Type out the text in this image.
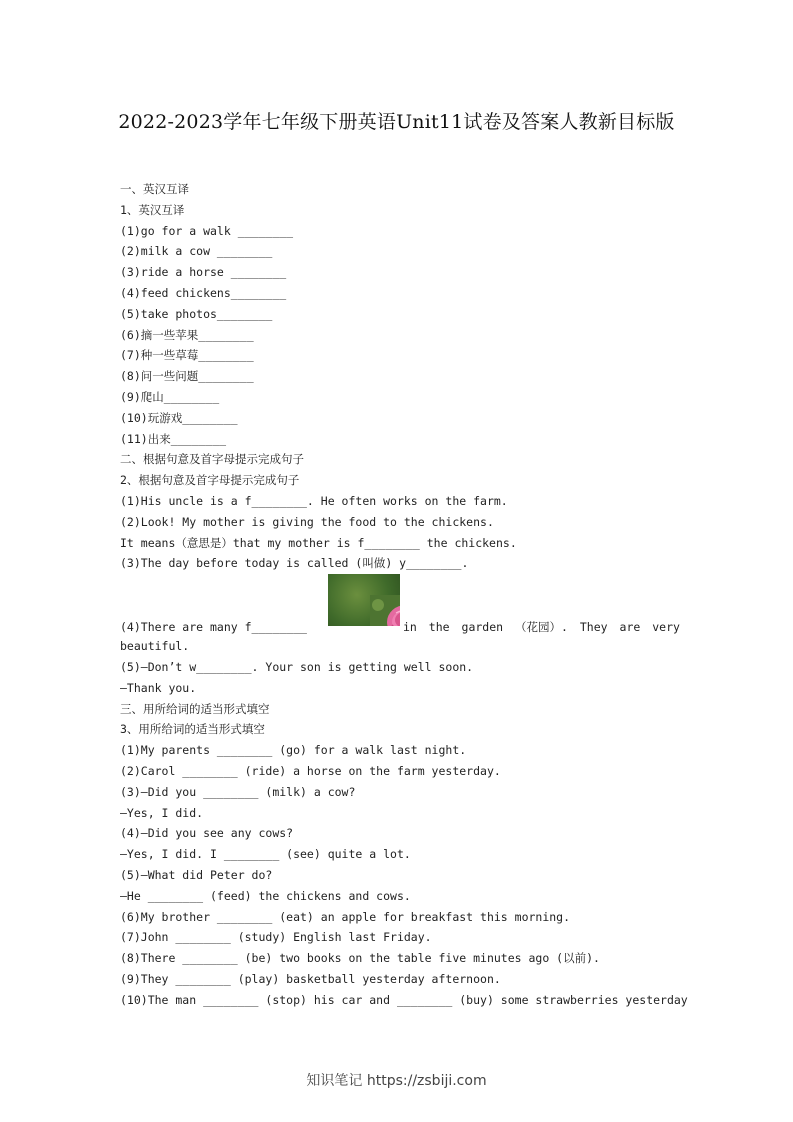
2022-2023学年七年级下册英语Unit11试卷及答案人教新目标版
一、英汉互译
1、英汉互译
(1)go for a walk ________
(2)milk a cow ________
(3)ride a horse ________
(4)feed chickens________
(5)take photos________
(6)摘一些苹果________
(7)种一些草莓________
(8)问一些问题________
(9)爬山________
(10)玩游戏________
(11)出来________
二、根据句意及首字母提示完成句子
2、根据句意及首字母提示完成句子
(1)His uncle is a f________. He often works on the farm.
(2)Look! My mother is giving the food to the chickens.
It means（意思是）that my mother is f________ the chickens.
(3)The day before today is called (叫做) y________.

(4)There are many f________

	in the garden （花园）. They are very

beautiful.
(5)—Don’t w________. Your son is getting well soon.
—Thank you.
三、用所给词的适当形式填空
3、用所给词的适当形式填空
(1)My parents ________ (go) for a walk last night.
(2)Carol ________ (ride) a horse on the farm yesterday.
(3)—Did you ________ (milk) a cow?
—Yes, I did.
(4)—Did you see any cows?
—Yes, I did. I ________ (see) quite a lot.
(5)—What did Peter do?
—He ________ (feed) the chickens and cows.
(6)My brother ________ (eat) an apple for breakfast this morning.
(7)John ________ (study) English last Friday.
(8)There ________ (be) two books on the table five minutes ago (以前).
(9)They ________ (play) basketball yesterday afternoon.
(10)The man ________ (stop) his car and ________ (buy) some strawberries yesterday
知识笔记 https://zsbiji.com
